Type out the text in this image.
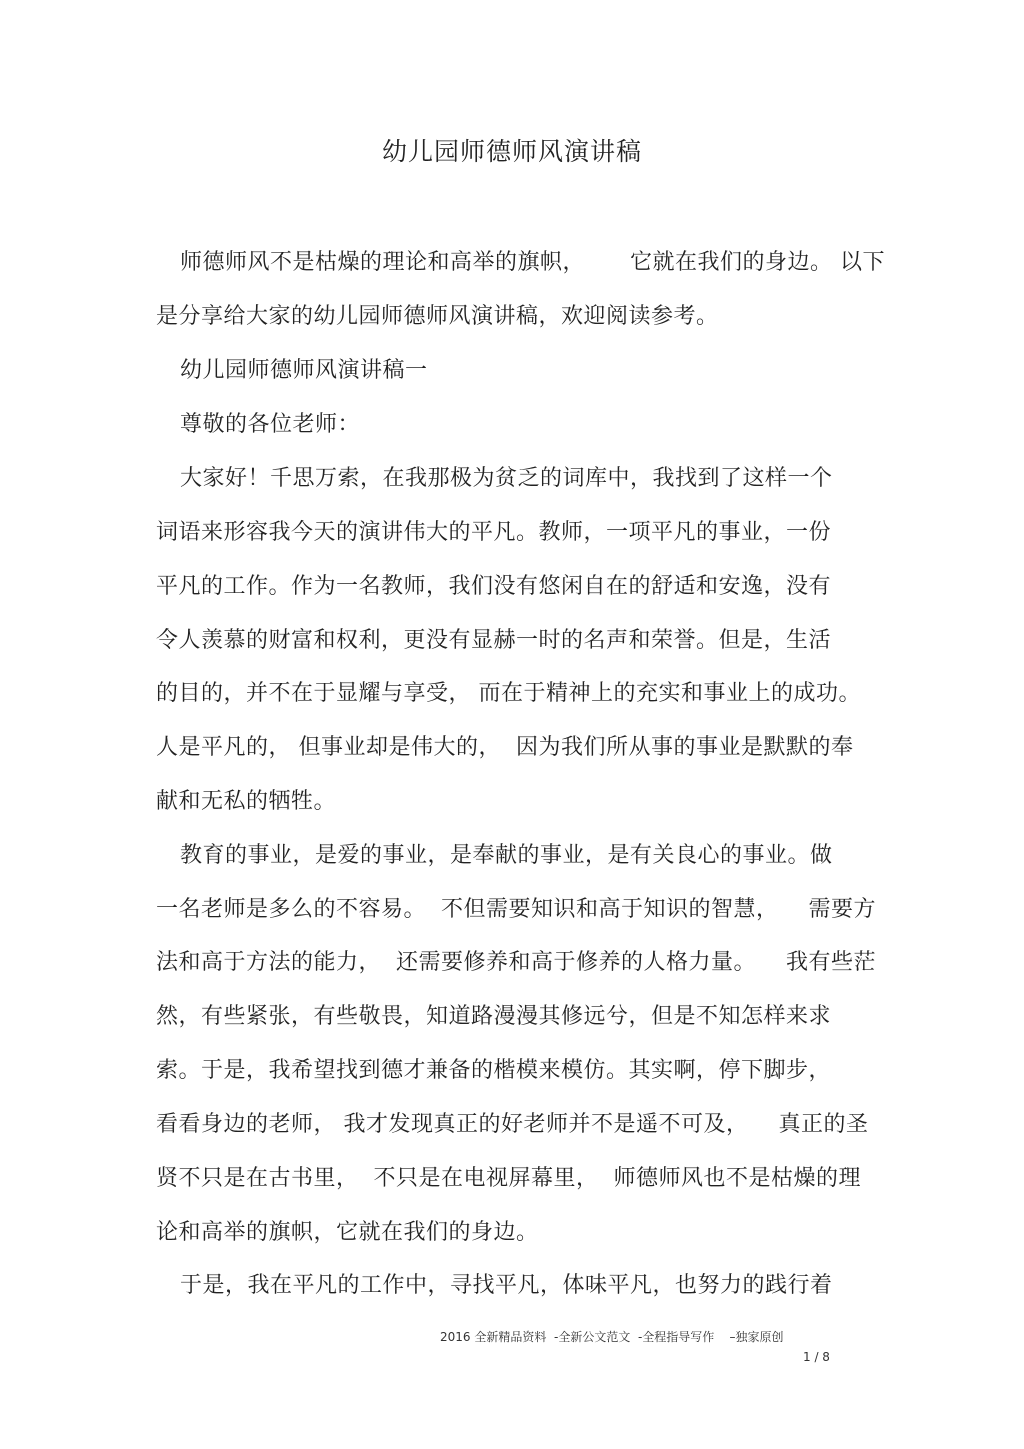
幼儿园师德师风演讲稿
师德师风不是枯燥的理论和高举的旗帜，      它就在我们的身边。 以下
是分享给大家的幼儿园师德师风演讲稿，欢迎阅读参考。
幼儿园师德师风演讲稿一
尊敬的各位老师：
大家好！千思万索，在我那极为贫乏的词库中，我找到了这样一个
词语来形容我今天的演讲伟大的平凡。教师，一项平凡的事业，一份
平凡的工作。作为一名教师，我们没有悠闲自在的舒适和安逸，没有
令人羡慕的财富和权利，更没有显赫一时的名声和荣誉。但是，生活
的目的，并不在于显耀与享受， 而在于精神上的充实和事业上的成功。
人是平凡的， 但事业却是伟大的，  因为我们所从事的事业是默默的奉
献和无私的牺牲。
教育的事业，是爱的事业，是奉献的事业，是有关良心的事业。做
一名老师是多么的不容易。  不但需要知识和高于知识的智慧，    需要方
法和高于方法的能力，  还需要修养和高于修养的人格力量。    我有些茫
然，有些紧张，有些敬畏，知道路漫漫其修远兮，但是不知怎样来求
索。于是，我希望找到德才兼备的楷模来模仿。其实啊，停下脚步，
看看身边的老师， 我才发现真正的好老师并不是遥不可及，    真正的圣
贤不只是在古书里，  不只是在电视屏幕里，  师德师风也不是枯燥的理
论和高举的旗帜，它就在我们的身边。
于是，我在平凡的工作中，寻找平凡，体味平凡，也努力的践行着
2016 全新精品资料  -全新公文范文  -全程指导写作    –独家原创
1 / 8
